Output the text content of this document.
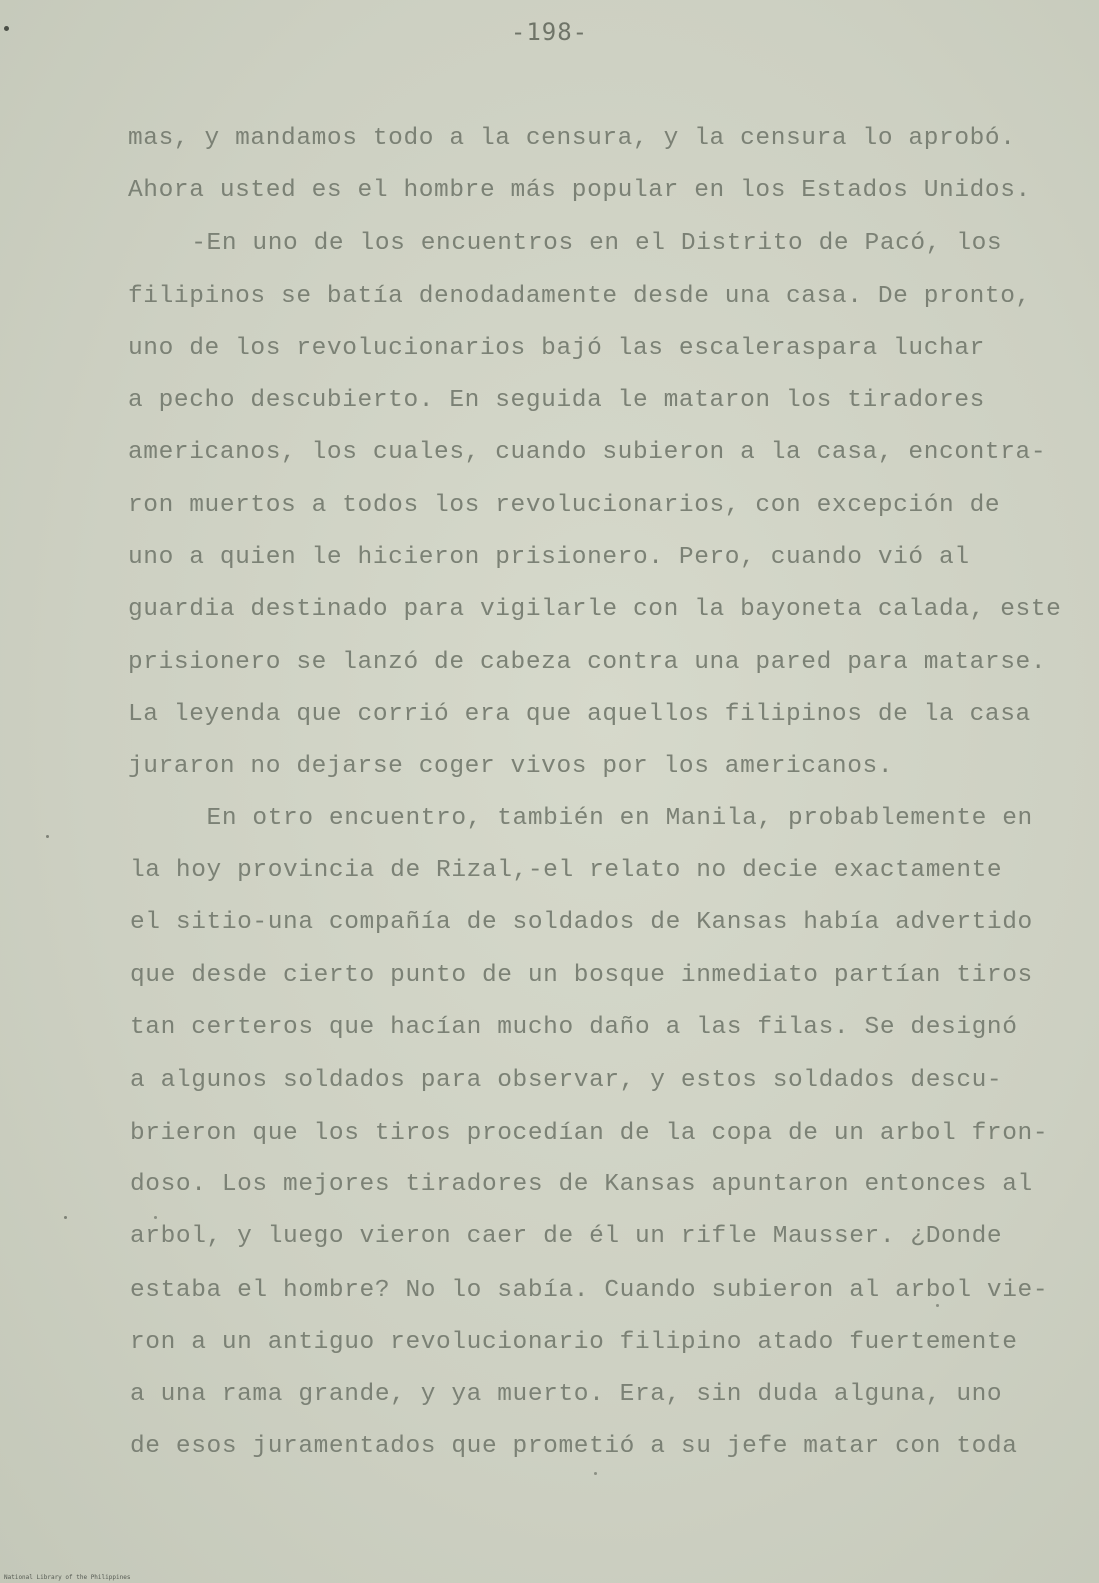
-198-
mas, y mandamos todo a la censura, y la censura lo aprobó.
Ahora usted es el hombre más popular en los Estados Unidos.
-En uno de los encuentros en el Distrito de Pacó, los
filipinos se batía denodadamente desde una casa. De pronto,
uno de los revolucionarios bajó las escaleraspara luchar
a pecho descubierto. En seguida le mataron los tiradores
americanos, los cuales, cuando subieron a la casa, encontra-
ron muertos a todos los revolucionarios, con excepción de
uno a quien le hicieron prisionero. Pero, cuando vió al
guardia destinado para vigilarle con la bayoneta calada, este
prisionero se lanzó de cabeza contra una pared para matarse.
La leyenda que corrió era que aquellos filipinos de la casa
juraron no dejarse coger vivos por los americanos.
En otro encuentro, también en Manila, probablemente en
la hoy provincia de Rizal,-el relato no decie exactamente
el sitio-una compañía de soldados de Kansas había advertido
que desde cierto punto de un bosque inmediato partían tiros
tan certeros que hacían mucho daño a las filas. Se designó
a algunos soldados para observar, y estos soldados descu-
brieron que los tiros procedían de la copa de un arbol fron-
doso. Los mejores tiradores de Kansas apuntaron entonces al
arbol, y luego vieron caer de él un rifle Mausser. ¿Donde
estaba el hombre? No lo sabía. Cuando subieron al arbol vie-
ron a un antiguo revolucionario filipino atado fuertemente
a una rama grande, y ya muerto. Era, sin duda alguna, uno
de esos juramentados que prometió a su jefe matar con toda
National Library of the Philippines
